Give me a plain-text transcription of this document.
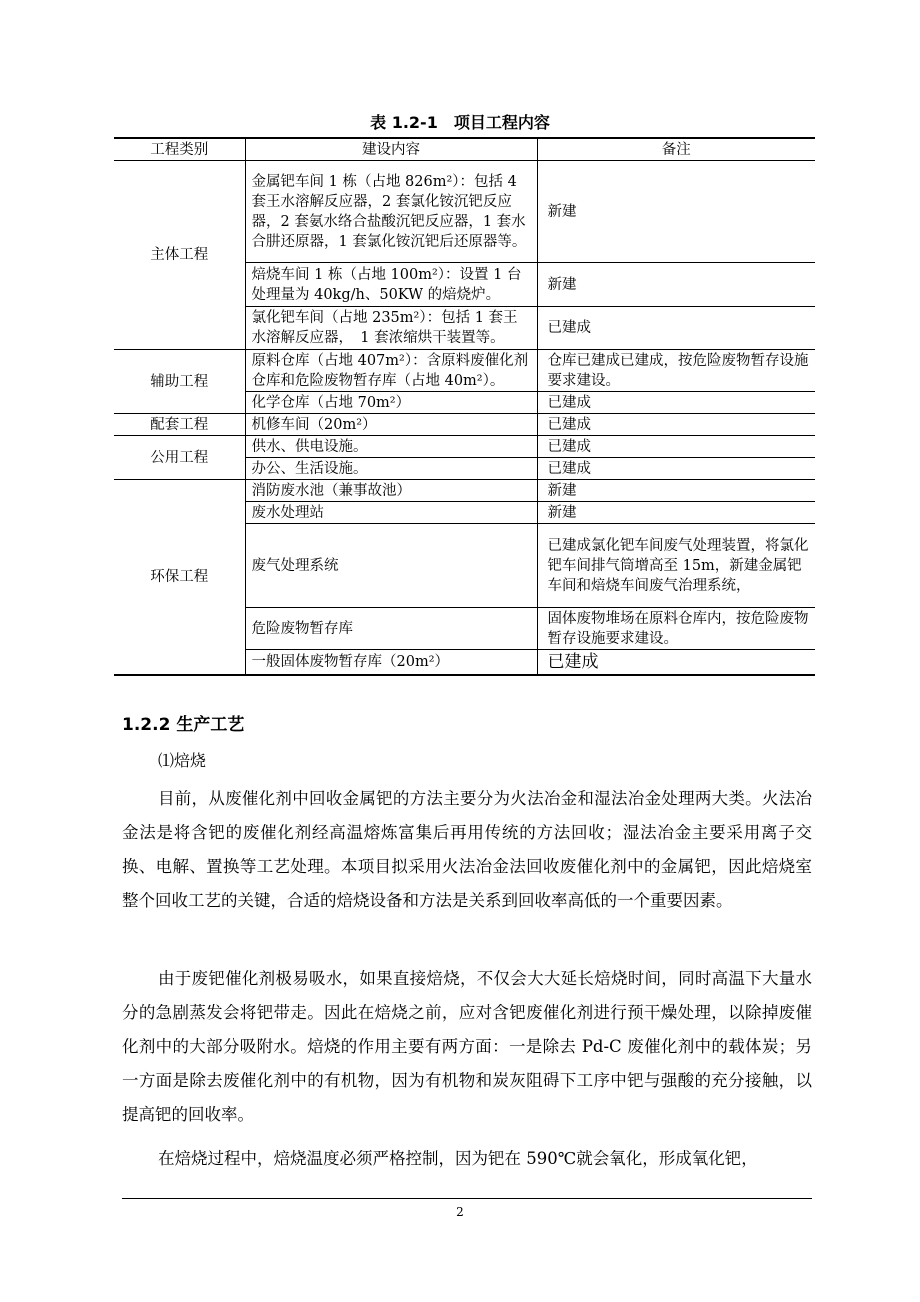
表 1.2-1　项目工程内容
工程类别	建设内容	备注
主体工程	金属钯车间 1 栋（占地 826m²）：包括 4 套王水溶解反应器，2 套氯化铵沉钯反应器，2 套氨水络合盐酸沉钯反应器，1 套水合肼还原器，1 套氯化铵沉钯后还原器等。	新建
	焙烧车间 1 栋（占地 100m²）：设置 1 台处理量为 40kg/h、50KW 的焙烧炉。	新建
	氯化钯车间（占地 235m²）：包括 1 套王水溶解反应器，　1 套浓缩烘干装置等。	已建成
辅助工程	原料仓库（占地 407m²）：含原料废催化剂仓库和危险废物暂存库（占地 40m²）。	仓库已建成已建成，按危险废物暂存设施要求建设。
	化学仓库（占地 70m²）	已建成
配套工程	机修车间（20m²）	已建成
公用工程	供水、供电设施。	已建成
	办公、生活设施。	已建成
环保工程	消防废水池（兼事故池）	新建
	废水处理站	新建
	废气处理系统	已建成氯化钯车间废气处理装置，将氯化钯车间排气筒增高至 15m，新建金属钯车间和焙烧车间废气治理系统，
	危险废物暂存库	固体废物堆场在原料仓库内，按危险废物暂存设施要求建设。
	一般固体废物暂存库（20m²）	已建成
1.2.2 生产工艺
⑴焙烧

目前，从废催化剂中回收金属钯的方法主要分为火法冶金和湿法冶金处理两大类。火法冶金法是将含钯的废催化剂经高温熔炼富集后再用传统的方法回收；湿法冶金主要采用离子交换、电解、置换等工艺处理。本项目拟采用火法冶金法回收废催化剂中的金属钯，因此焙烧室整个回收工艺的关键，合适的焙烧设备和方法是关系到回收率高低的一个重要因素。

由于废钯催化剂极易吸水，如果直接焙烧，不仅会大大延长焙烧时间，同时高温下大量水分的急剧蒸发会将钯带走。因此在焙烧之前，应对含钯废催化剂进行预干燥处理，以除掉废催化剂中的大部分吸附水。焙烧的作用主要有两方面：一是除去 Pd-C 废催化剂中的载体炭；另一方面是除去废催化剂中的有机物，因为有机物和炭灰阻碍下工序中钯与强酸的充分接触，以提高钯的回收率。

在焙烧过程中，焙烧温度必须严格控制，因为钯在 590℃就会氧化，形成氧化钯，

2
